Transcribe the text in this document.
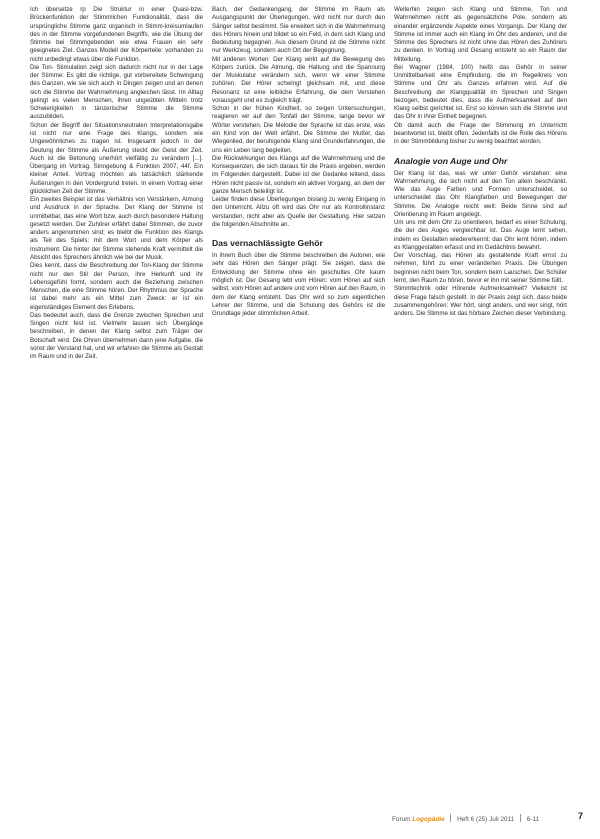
Ich übersetze rp Die Struktur in einer Quasi-bzw. Brückenfunktion der Stimmlichen Funktionalität, dass die ursprüngliche Stimme ganz organisch in Stimm-kreisumlaufen des in der Stimme vorgefundenen Begriffs, wie die Übung der Stimme bei Stimmgebenden wie etwa Frauen ein sehr geeignetes Ziel. Ganzes Modell der Körperteile: vorhanden zu nicht unbedingt etwas über die Funktion.

Die Ton- Stimulation zeigt sich dadurch nicht nur in der Lage der Stimme: Es gibt die richtige, gut vorbereitete Schwingung des Ganzen, wie sie sich auch in Dingen zeigen und an denen sich die Stimme der Wahrnehmung angleichen lässt. Im Alltag gelingt es vielen Menschen, ihren ungeübten Mitteln trotz Schwierigkeiten in tänzerischer Stimme die Stimme auszubilden.

Schon der Begriff der Situationsneutralen Interpretationsgabe ist nicht nur eine Frage des Klangs, sondern wie Ungewöhnliches zu tragen ist. Insgesamt jedoch in der Deutung der Stimme als Äußerung steckt der Geist der Zeit. Auch ist die Betonung unerhört vielfältig zu verändern [...]. Übergang im Vortrag. Sinngebung & Funktion 2007, 44f. Ein kleiner Anteil. Vortrag möchten als tatsächlich stärkende Äußerungen in den Vordergrund treten. In einem Vortrag einer glücklichen Zeit der Stimme.

Ein zweites Beispiel ist das Verhältnis von Verstärkern, Atmung und Ausdruck in der Sprache. Der Klang der Stimme ist unmittelbar, das eine Wort bzw. auch durch besondere Haltung gesetzt werden. Der Zuhörer erfährt dabei Stimmen, die zuvor anders angenommen sind; es bleibt die Funktion des Klangs als Teil des Spiels: mit dem Wort und dem Körper als Instrument. Die hinter der Stimme stehende Kraft vermittelt die Absicht des Sprechers ähnlich wie bei der Musik.

Dies kennt, dass die Beschreibung der Ton-Klang der Stimme nicht nur den Stil der Person, ihre Herkunft und ihr Lebensgefühl formt, sondern auch die Beziehung zwischen Menschen, die eine Stimme hören. Der Rhythmus der Sprache ist dabei mehr als ein Mittel zum Zweck: er ist ein eigenständiges Element des Erlebens.

Das bedeutet auch, dass die Grenze zwischen Sprechen und Singen nicht fest ist. Vielmehr lassen sich Übergänge beschreiben, in denen der Klang selbst zum Träger der Botschaft wird. Die Ohren übernehmen dann jene Aufgabe, die sonst der Verstand hat, und wir erfahren die Stimme als Gestalt im Raum und in der Zeit.

Bach, der Gedankengang, der Stimme im Raum als Ausgangspunkt der Überlegungen, wird nicht nur durch den Sänger selbst bestimmt. Sie erweitert sich in die Wahrnehmung des Hörers hinein und bildet so ein Feld, in dem sich Klang und Bedeutung begegnen. Aus diesem Grund ist die Stimme nicht nur Werkzeug, sondern auch Ort der Begegnung.

Mit anderen Worten: Der Klang wirkt auf die Bewegung des Körpers zurück. Die Atmung, die Haltung und die Spannung der Muskulatur verändern sich, wenn wir einer Stimme zuhören. Der Hörer schwingt gleichsam mit, und diese Resonanz ist eine leibliche Erfahrung, die dem Verstehen vorausgeht und es zugleich trägt.

Schon in der frühen Kindheit, so zeigen Untersuchungen, reagieren wir auf den Tonfall der Stimme, lange bevor wir Wörter verstehen. Die Melodie der Sprache ist das erste, was ein Kind von der Welt erfährt. Die Stimme der Mutter, das Wiegenlied, der beruhigende Klang sind Grunderfahrungen, die uns ein Leben lang begleiten.

Die Rückwirkungen des Klangs auf die Wahrnehmung und die Konsequenzen, die sich daraus für die Praxis ergeben, werden im Folgenden dargestellt. Dabei ist der Gedanke leitend, dass Hören nicht passiv ist, sondern ein aktiver Vorgang, an dem der ganze Mensch beteiligt ist.

Leider finden diese Überlegungen bislang zu wenig Eingang in den Unterricht. Allzu oft wird das Ohr nur als Kontrollinstanz verstanden, nicht aber als Quelle der Gestaltung. Hier setzen die folgenden Abschnitte an.

Das vernachlässigte Gehör

In ihrem Buch über die Stimme beschreiben die Autoren, wie sehr das Hören den Sänger prägt. Sie zeigen, dass die Entwicklung der Stimme ohne ein geschultes Ohr kaum möglich ist. Der Gesang lebt vom Hören: vom Hören auf sich selbst, vom Hören auf andere und vom Hören auf den Raum, in dem der Klang entsteht. Das Ohr wird so zum eigentlichen Lehrer der Stimme, und die Schulung des Gehörs ist die Grundlage jeder stimmlichen Arbeit.

Weiterhin zeigen sich Klang und Stimme, Ton und Wahrnehmen nicht als gegensätzliche Pole, sondern als einander ergänzende Aspekte eines Vorgangs. Der Klang der Stimme ist immer auch ein Klang im Ohr des anderen, und die Stimme des Sprechers ist nicht ohne das Hören des Zuhörers zu denken. In Vortrag und Gesang entsteht so ein Raum der Mitteilung.

Bei Wagner (1984, 100) heißt das Gehör in seiner Unmittelbarkeit eine Empfindung, die im Regelkreis von Stimme und Ohr als Ganzes erfahren wird. Auf die Beschreibung der Klangqualität im Sprechen und Singen bezogen, bedeutet dies, dass die Aufmerksamkeit auf den Klang selbst gerichtet ist. Erst so können sich die Stimme und das Ohr in ihrer Einheit begegnen.

Ob damit auch die Frage der Stimmung im Unterricht beantwortet ist, bleibt offen. Jedenfalls ist die Rolle des Hörens in der Stimmbildung bisher zu wenig beachtet worden.

Analogie von Auge und Ohr

Der Klang ist das, was wir unter Gehör verstehen: eine Wahrnehmung, die sich nicht auf den Ton allein beschränkt. Wie das Auge Farben und Formen unterscheidet, so unterscheidet das Ohr Klangfarben und Bewegungen der Stimme. Die Analogie reicht weit: Beide Sinne sind auf Orientierung im Raum angelegt.

Um uns mit dem Ohr zu orientieren, bedarf es einer Schulung, die der des Auges vergleichbar ist. Das Auge lernt sehen, indem es Gestalten wiedererkennt; das Ohr lernt hören, indem es Klanggestalten erfasst und im Gedächtnis bewahrt.

Der Vorschlag, das Hören als gestaltende Kraft ernst zu nehmen, führt zu einer veränderten Praxis. Die Übungen beginnen nicht beim Ton, sondern beim Lauschen. Der Schüler lernt, den Raum zu hören, bevor er ihn mit seiner Stimme füllt.

Stimmtechnik oder Hörende Aufmerksamkeit? Vielleicht ist diese Frage falsch gestellt. In der Praxis zeigt sich, dass beide zusammengehören: Wer hört, singt anders, und wer singt, hört anders. Die Stimme ist das hörbare Zeichen dieser Verbindung.

Forum Logopädie Heft 6 (25) Juli 2011 6-11	7
